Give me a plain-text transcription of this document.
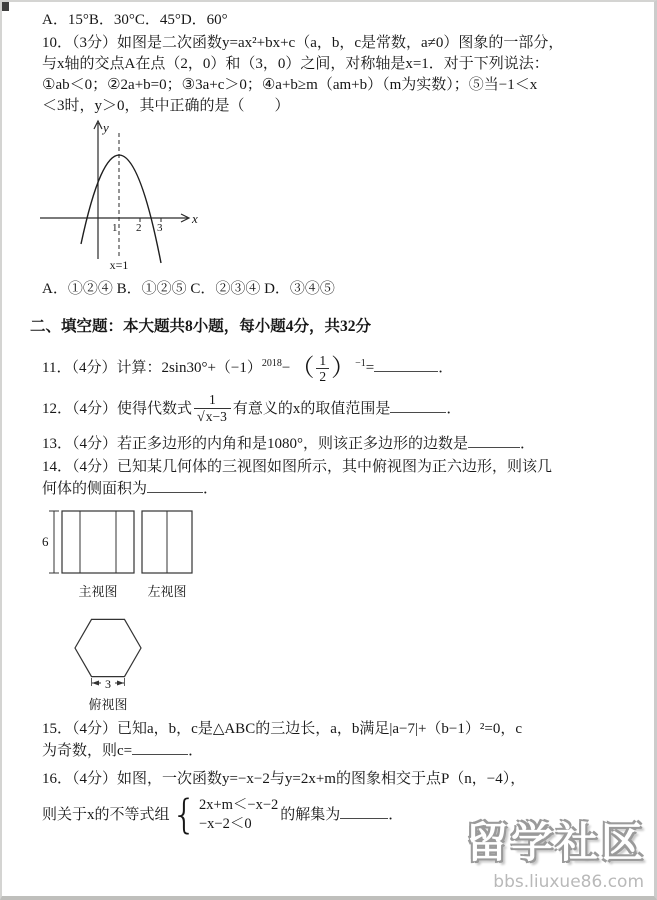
A．15°B．30°C．45°D．60°

10．（3分）如图是二次函数y=ax²+bx+c（a，b，c是常数，a≠0）图象的一部分，

与x轴的交点A在点（2，0）和（3，0）之间，对称轴是x=1．对于下列说法：

①ab＜0；②2a+b=0；③3a+c＞0；④a+b≥m（am+b）（m为实数）；⑤当−1＜x

＜3时，y＞0，其中正确的是（　　）

y
x
1 2 3
x=1

A．①②④ B．①②⑤ C．②③④ D．③④⑤

二、填空题：本大题共8小题，每小题4分，共32分

11．（4分）计算：$2\sin 30^\circ+(-1)^{2018}-( \frac{1}{2} )^{-1}=$	．

12．（4分）使得代数式 $\frac{1}{√x-3}$ 有意义的x的取值范围是	．

13．（4分）若正多边形的内角和是1080°，则该正多边形的边数是	．

14．（4分）已知某几何体的三视图如图所示，其中俯视图为正六边形，则该几

何体的侧面积为	．

6
主视图 左视图
3
俯视图

15．（4分）已知a，b，c是△ABC的三边长，a，b满足|a−7|+（b−1）²=0，c

为奇数，则c=	．

16．（4分）如图，一次函数y=−x−2与y=2x+m的图象相交于点P（n，−4），

则关于x的不等式组 { 2x+m＜−x−2
−x−2＜0
的解集为	．

留学社区
bbs.liuxue86.com
